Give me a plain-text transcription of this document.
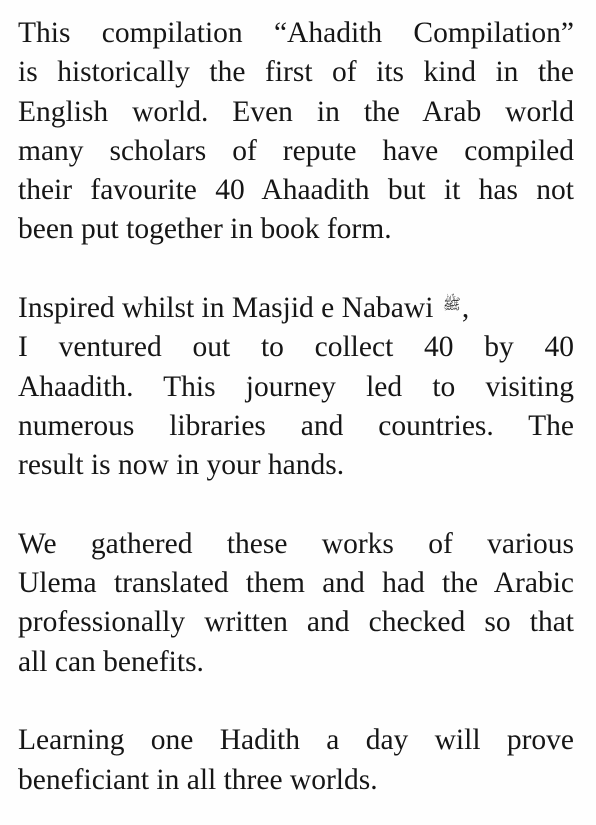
This compilation “Ahadith Compilation”
is historically the first of its kind in the
English world. Even in the Arab world
many scholars of repute have compiled
their favourite 40 Ahaadith but it has not
been put together in book form.
Inspired whilst in Masjid e Nabawi ﷺ,
I ventured out to collect 40 by 40
Ahaadith. This journey led to visiting
numerous libraries and countries. The
result is now in your hands.
We gathered these works of various
Ulema translated them and had the Arabic
professionally written and checked so that
all can benefits.
Learning one Hadith a day will prove
beneficiant in all three worlds.
